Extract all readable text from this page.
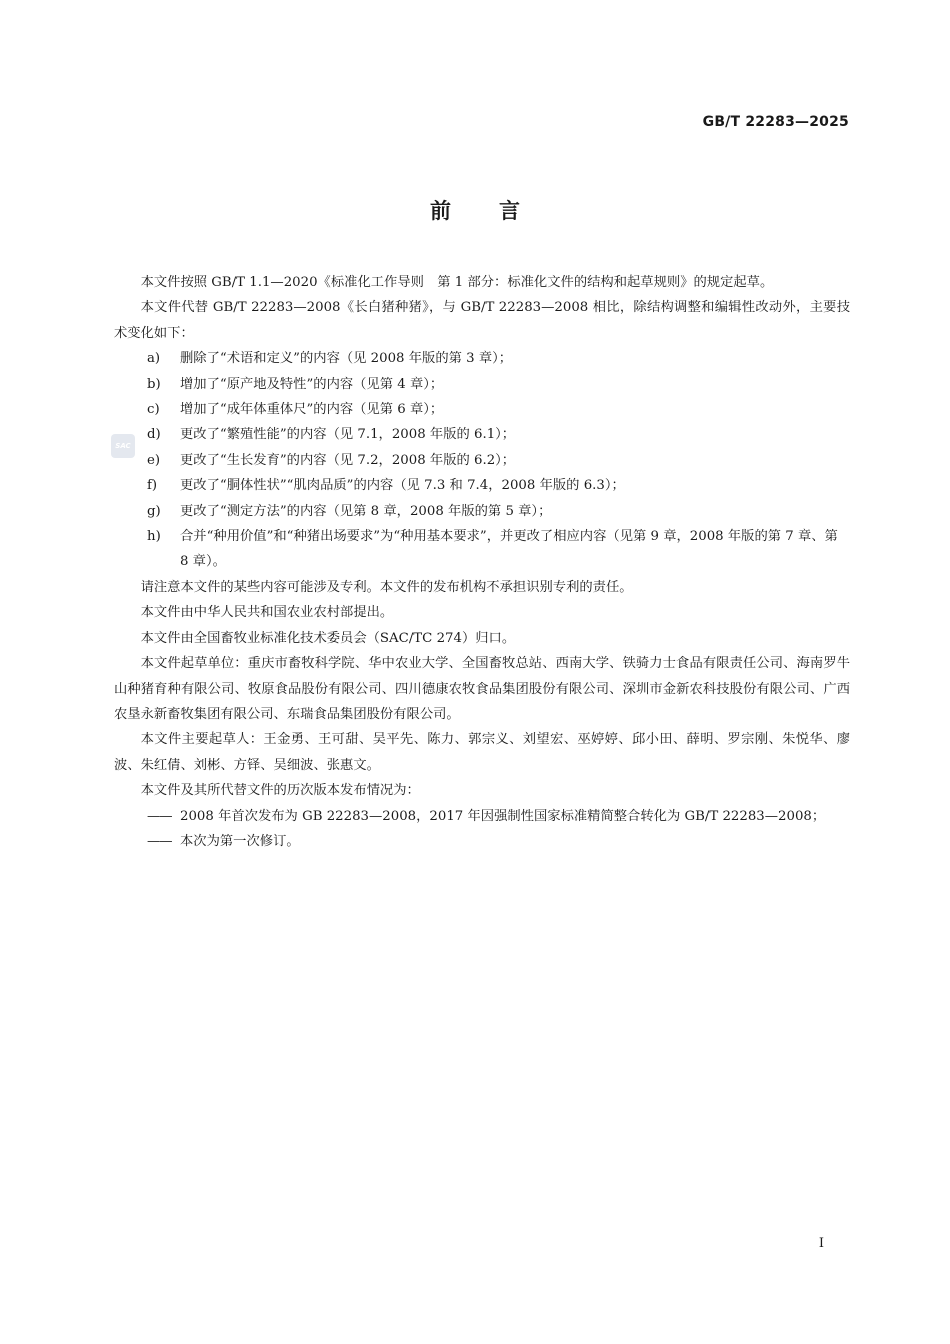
GB/T 22283—2025
前言
SAC

本文件按照 GB/T 1.1—2020《标准化工作导则　第 1 部分：标准化文件的结构和起草规则》的规定起草。

本文件代替 GB/T 22283—2008《长白猪种猪》，与 GB/T 22283—2008 相比，除结构调整和编辑性改动外，主要技术变化如下：

a) 删除了“术语和定义”的内容（见 2008 年版的第 3 章）；

b) 增加了“原产地及特性”的内容（见第 4 章）；

c) 增加了“成年体重体尺”的内容（见第 6 章）；

d) 更改了“繁殖性能”的内容（见 7.1，2008 年版的 6.1）；

e) 更改了“生长发育”的内容（见 7.2，2008 年版的 6.2）；

f) 更改了“胴体性状”“肌肉品质”的内容（见 7.3 和 7.4，2008 年版的 6.3）；

g) 更改了“测定方法”的内容（见第 8 章，2008 年版的第 5 章）；

h) 合并“种用价值”和“种猪出场要求”为“种用基本要求”，并更改了相应内容（见第 9 章，2008 年版的第 7 章、第 8 章）。

请注意本文件的某些内容可能涉及专利。本文件的发布机构不承担识别专利的责任。

本文件由中华人民共和国农业农村部提出。

本文件由全国畜牧业标准化技术委员会（SAC/TC 274）归口。

本文件起草单位：重庆市畜牧科学院、华中农业大学、全国畜牧总站、西南大学、铁骑力士食品有限责任公司、海南罗牛山种猪育种有限公司、牧原食品股份有限公司、四川德康农牧食品集团股份有限公司、深圳市金新农科技股份有限公司、广西农垦永新畜牧集团有限公司、东瑞食品集团股份有限公司。

本文件主要起草人：王金勇、王可甜、吴平先、陈力、郭宗义、刘望宏、巫婷婷、邱小田、薛明、罗宗刚、朱悦华、廖波、朱红倩、刘彬、方铎、吴细波、张惠文。

本文件及其所代替文件的历次版本发布情况为：

—— 2008 年首次发布为 GB 22283—2008，2017 年因强制性国家标准精简整合转化为 GB/T 22283—2008；

—— 本次为第一次修订。

I
